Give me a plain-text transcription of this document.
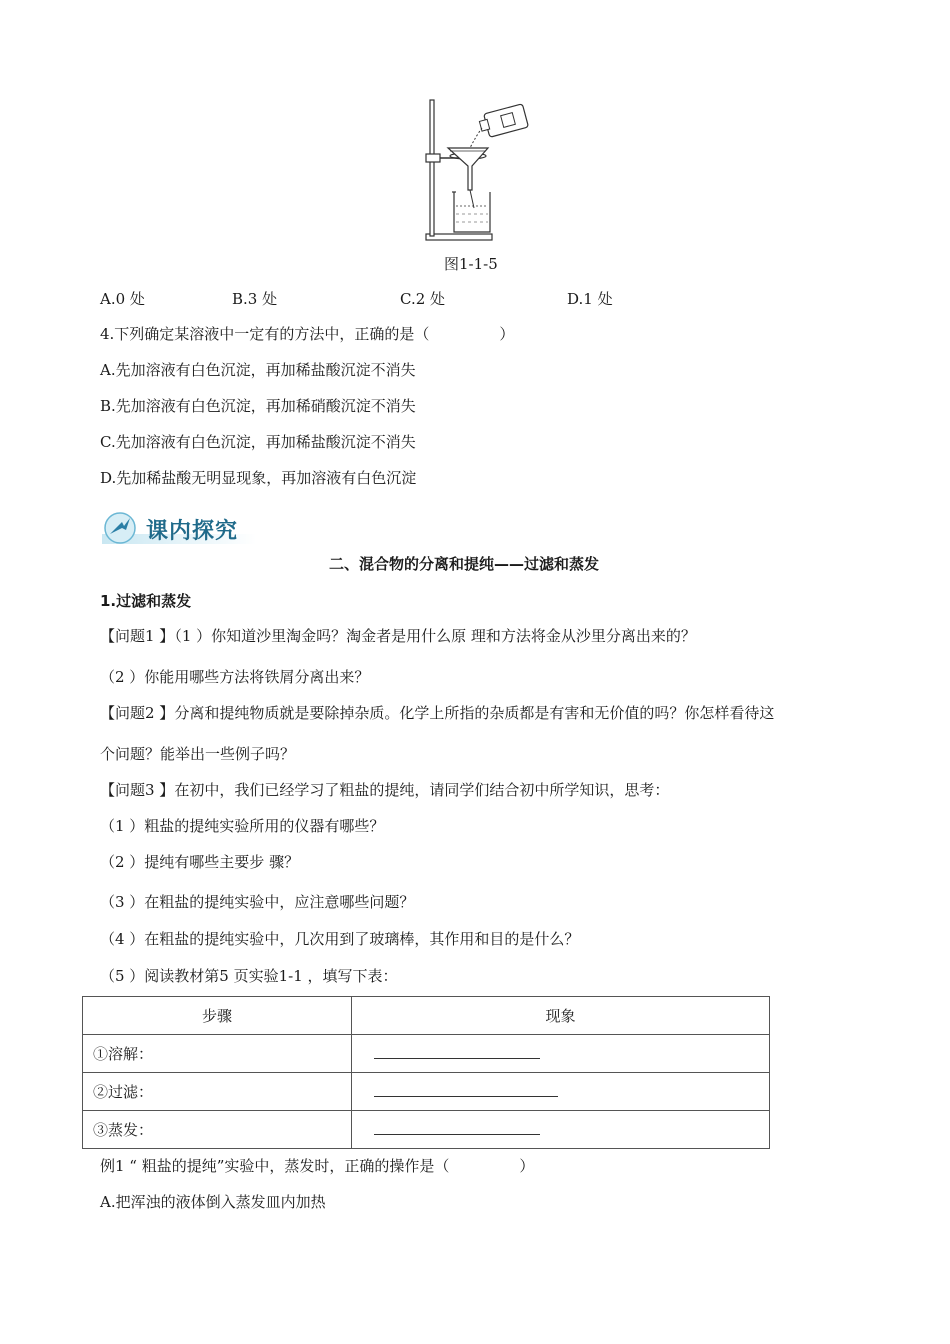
图1-1-5
A.0 处	B.3 处	C.2 处	D.1 处
4.下列确定某溶液中一定有的方法中，正确的是（	）
A.先加溶液有白色沉淀，再加稀盐酸沉淀不消失
B.先加溶液有白色沉淀，再加稀硝酸沉淀不消失
C.先加溶液有白色沉淀，再加稀盐酸沉淀不消失
D.先加稀盐酸无明显现象，再加溶液有白色沉淀
课内探究
二、混合物的分离和提纯——过滤和蒸发
1.过滤和蒸发
【问题1 】（1 ）你知道沙里淘金吗？淘金者是用什么原 理和方法将金从沙里分离出来的？
（2 ）你能用哪些方法将铁屑分离出来？
【问题2 】分离和提纯物质就是要除掉杂质。化学上所指的杂质都是有害和无价值的吗？你怎样看待这
个问题？能举出一些例子吗？
【问题3 】在初中，我们已经学习了粗盐的提纯，请同学们结合初中所学知识，思考：
（1 ）粗盐的提纯实验所用的仪器有哪些？
（2 ）提纯有哪些主要步 骤？
（3 ）在粗盐的提纯实验中，应注意哪些问题？
（4 ）在粗盐的提纯实验中，几次用到了玻璃棒，其作用和目的是什么？
（5 ）阅读教材第5 页实验1-1 ，填写下表：
步骤	现象
①溶解：	
②过滤：	
③蒸发：	
例1 “ 粗盐的提纯”实验中，蒸发时，正确的操作是（	）
A.把浑浊的液体倒入蒸发皿内加热
